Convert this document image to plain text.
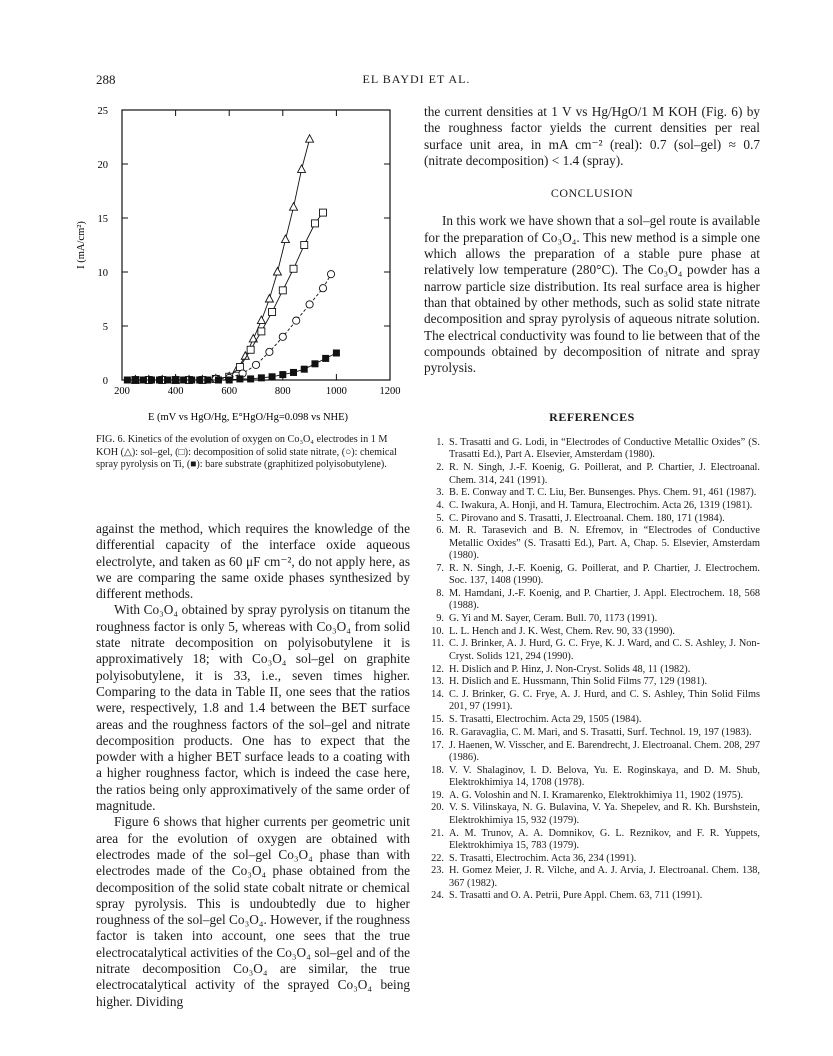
288	EL BAYDI ET AL.
200	400	600	800	1000	1200
0
5
10
15
20
25
E (mV vs HgO/Hg, E°HgO/Hg=0.098 vs NHE)
I (mA/cm²)
FIG. 6. Kinetics of the evolution of oxygen on Co₃O₄ electrodes in 1 M KOH (△): sol–gel, (□): decomposition of solid state nitrate, (○): chemical spray pyrolysis on Ti, (■): bare substrate (graphitized polyisobutylene).

against the method, which requires the knowledge of the differential capacity of the interface oxide aqueous electrolyte, and taken as 60 μF cm⁻², do not apply here, as we are comparing the same oxide phases synthesized by different methods.

With Co₃O₄ obtained by spray pyrolysis on titanum the roughness factor is only 5, whereas with Co₃O₄ from solid state nitrate decomposition on polyisobutylene it is approximatively 18; with Co₃O₄ sol–gel on graphite polyisobutylene, it is 33, i.e., seven times higher. Comparing to the data in Table II, one sees that the ratios were, respectively, 1.8 and 1.4 between the BET surface areas and the roughness factors of the sol–gel and nitrate decomposition products. One has to expect that the powder with a higher BET surface leads to a coating with a higher roughness factor, which is indeed the case here, the ratios being only approximatively of the same order of magnitude.

Figure 6 shows that higher currents per geometric unit area for the evolution of oxygen are obtained with electrodes made of the sol–gel Co₃O₄ phase than with electrodes made of the Co₃O₄ phase obtained from the decomposition of the solid state cobalt nitrate or chemical spray pyrolysis. This is undoubtedly due to higher roughness of the sol–gel Co₃O₄. However, if the roughness factor is taken into account, one sees that the true electrocatalytical activities of the Co₃O₄ sol–gel and of the nitrate decomposition Co₃O₄ are similar, the true electrocatalytical activity of the sprayed Co₃O₄ being higher. Dividing

the current densities at 1 V vs Hg/HgO/1 M KOH (Fig. 6) by the roughness factor yields the current densities per real surface unit area, in mA cm⁻² (real): 0.7 (sol–gel) ≈ 0.7 (nitrate decomposition) < 1.4 (spray).

CONCLUSION

In this work we have shown that a sol–gel route is available for the preparation of Co₃O₄. This new method is a simple one which allows the preparation of a stable pure phase at relatively low temperature (280°C). The Co₃O₄ powder has a narrow particle size distribution. Its real surface area is higher than that obtained by other methods, such as solid state nitrate decomposition and spray pyrolysis of aqueous nitrate solution. The electrical conductivity was found to lie between that of the compounds obtained by decomposition of nitrate and spray pyrolysis.

REFERENCES
1. S. Trasatti and G. Lodi, in “Electrodes of Conductive Metallic Oxides” (S. Trasatti Ed.), Part A. Elsevier, Amsterdam (1980).
2. R. N. Singh, J.-F. Koenig, G. Poillerat, and P. Chartier, J. Electroanal. Chem. 314, 241 (1991).
3. B. E. Conway and T. C. Liu, Ber. Bunsenges. Phys. Chem. 91, 461 (1987).
4. C. Iwakura, A. Honji, and H. Tamura, Electrochim. Acta 26, 1319 (1981).
5. C. Pirovano and S. Trasatti, J. Electroanal. Chem. 180, 171 (1984).
6. M. R. Tarasevich and B. N. Efremov, in “Electrodes of Conductive Metallic Oxides” (S. Trasatti Ed.), Part. A, Chap. 5. Elsevier, Amsterdam (1980).
7. R. N. Singh, J.-F. Koenig, G. Poillerat, and P. Chartier, J. Electrochem. Soc. 137, 1408 (1990).
8. M. Hamdani, J.-F. Koenig, and P. Chartier, J. Appl. Electrochem. 18, 568 (1988).
9. G. Yi and M. Sayer, Ceram. Bull. 70, 1173 (1991).
10. L. L. Hench and J. K. West, Chem. Rev. 90, 33 (1990).
11. C. J. Brinker, A. J. Hurd, G. C. Frye, K. J. Ward, and C. S. Ashley, J. Non-Cryst. Solids 121, 294 (1990).
12. H. Dislich and P. Hinz, J. Non-Cryst. Solids 48, 11 (1982).
13. H. Dislich and E. Hussmann, Thin Solid Films 77, 129 (1981).
14. C. J. Brinker, G. C. Frye, A. J. Hurd, and C. S. Ashley, Thin Solid Films 201, 97 (1991).
15. S. Trasatti, Electrochim. Acta 29, 1505 (1984).
16. R. Garavaglia, C. M. Mari, and S. Trasatti, Surf. Technol. 19, 197 (1983).
17. J. Haenen, W. Visscher, and E. Barendrecht, J. Electroanal. Chem. 208, 297 (1986).
18. V. V. Shalaginov, I. D. Belova, Yu. E. Roginskaya, and D. M. Shub, Elektrokhimiya 14, 1708 (1978).
19. A. G. Voloshin and N. I. Kramarenko, Elektrokhimiya 11, 1902 (1975).
20. V. S. Vilinskaya, N. G. Bulavina, V. Ya. Shepelev, and R. Kh. Burshstein, Elektrokhimiya 15, 932 (1979).
21. A. M. Trunov, A. A. Domnikov, G. L. Reznikov, and F. R. Yuppets, Elektrokhimiya 15, 783 (1979).
22. S. Trasatti, Electrochim. Acta 36, 234 (1991).
23. H. Gomez Meier, J. R. Vilche, and A. J. Arvia, J. Electroanal. Chem. 138, 367 (1982).
24. S. Trasatti and O. A. Petrii, Pure Appl. Chem. 63, 711 (1991).
